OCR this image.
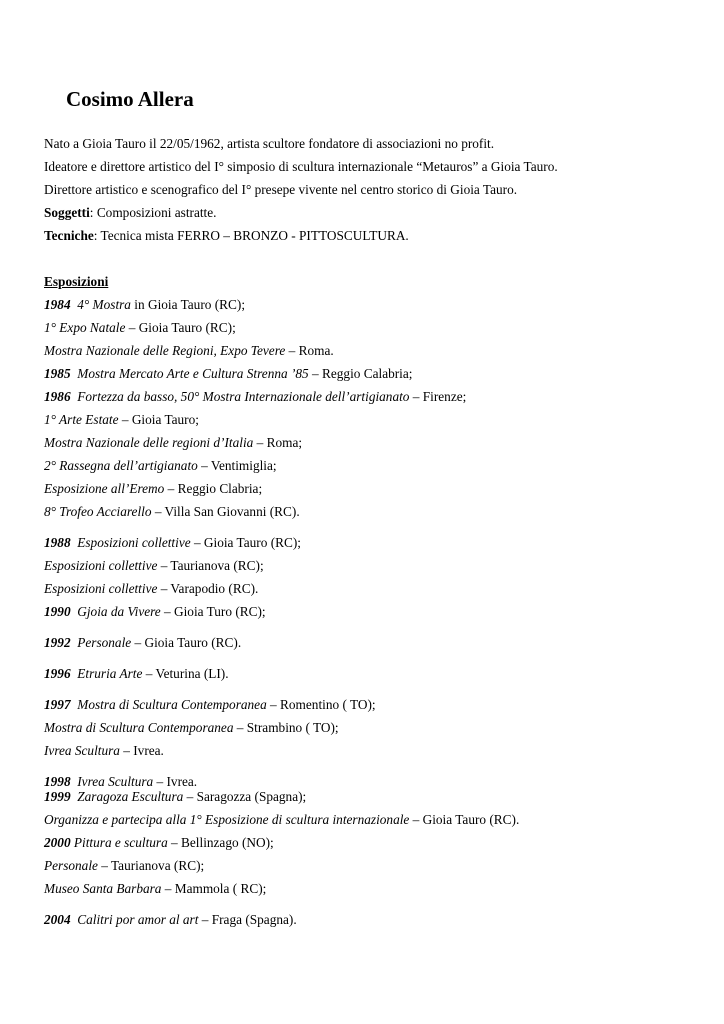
Cosimo Allera

Nato a Gioia Tauro il 22/05/1962, artista scultore fondatore di associazioni no profit.

Ideatore e direttore artistico del I° simposio di scultura internazionale “Metauros” a Gioia Tauro.

Direttore artistico e scenografico del I° presepe vivente nel centro storico di Gioia Tauro.

Soggetti: Composizioni astratte.

Tecniche: Tecnica mista FERRO – BRONZO - PITTOSCULTURA.

Esposizioni

1984 4° Mostra in Gioia Tauro (RC);

1° Expo Natale – Gioia Tauro (RC);

Mostra Nazionale delle Regioni, Expo Tevere – Roma.

1985 Mostra Mercato Arte e Cultura Strenna ’85 – Reggio Calabria;

1986 Fortezza da basso, 50° Mostra Internazionale dell’artigianato – Firenze;

1° Arte Estate – Gioia Tauro;

Mostra Nazionale delle regioni d’Italia – Roma;

2° Rassegna dell’artigianato – Ventimiglia;

Esposizione all’Eremo – Reggio Clabria;

8° Trofeo Acciarello – Villa San Giovanni (RC).

1988 Esposizioni collettive – Gioia Tauro (RC);

Esposizioni collettive – Taurianova (RC);

Esposizioni collettive – Varapodio (RC).

1990 Gjoia da Vivere – Gioia Turo (RC);

1992 Personale – Gioia Tauro (RC).

1996 Etruria Arte – Veturina (LI).

1997 Mostra di Scultura Contemporanea – Romentino ( TO);

Mostra di Scultura Contemporanea – Strambino ( TO);

Ivrea Scultura – Ivrea.

1998 Ivrea Scultura – Ivrea.

1999 Zaragoza Escultura – Saragozza (Spagna);

Organizza e partecipa alla 1° Esposizione di scultura internazionale – Gioia Tauro (RC).

2000 Pittura e scultura – Bellinzago (NO);

Personale – Taurianova (RC);

Museo Santa Barbara – Mammola ( RC);

2004 Calitri por amor al art – Fraga (Spagna).
